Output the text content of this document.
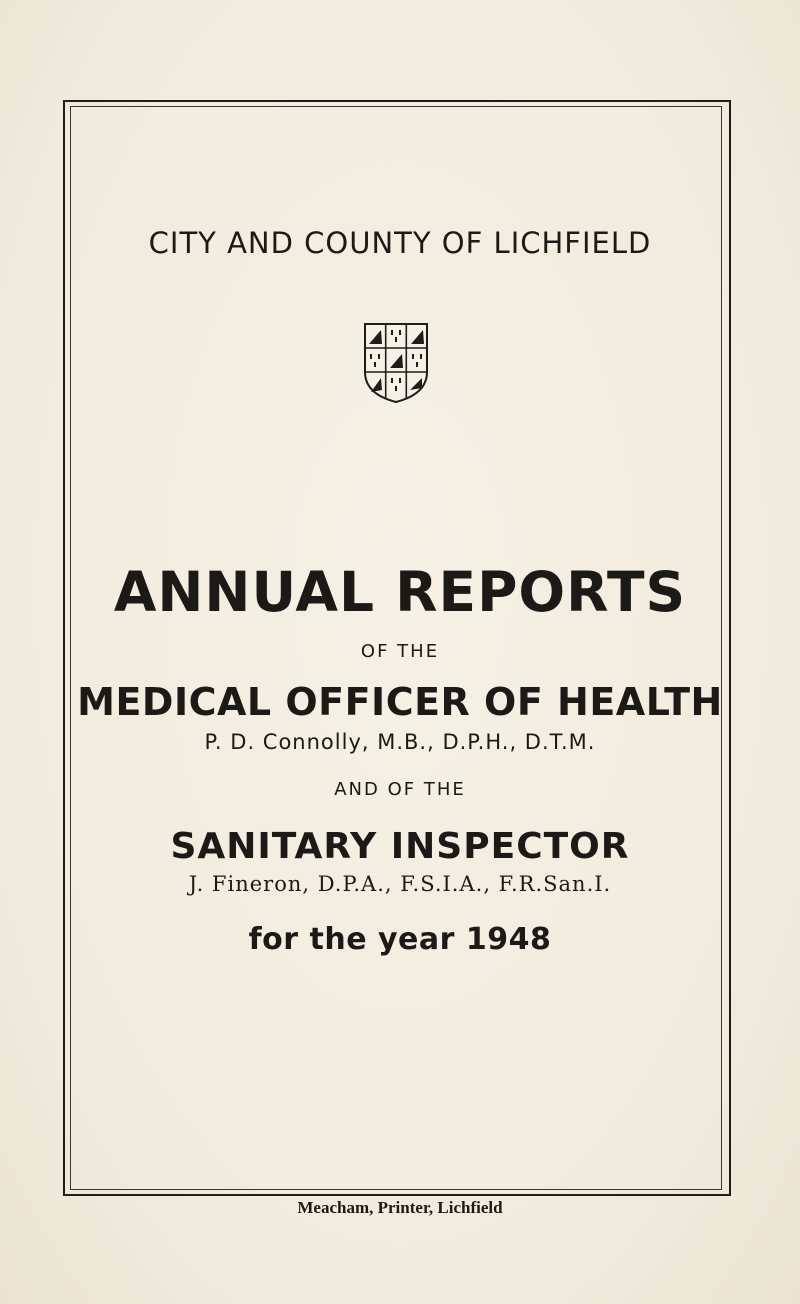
CITY AND COUNTY OF LICHFIELD
ANNUAL REPORTS
OF THE
MEDICAL OFFICER OF HEALTH
P. D. Connolly, M.B., D.P.H., D.T.M.
AND OF THE
SANITARY INSPECTOR
J. Fineron, D.P.A., F.S.I.A., F.R.San.I.
for the year 1948
Meacham, Printer, Lichfield
